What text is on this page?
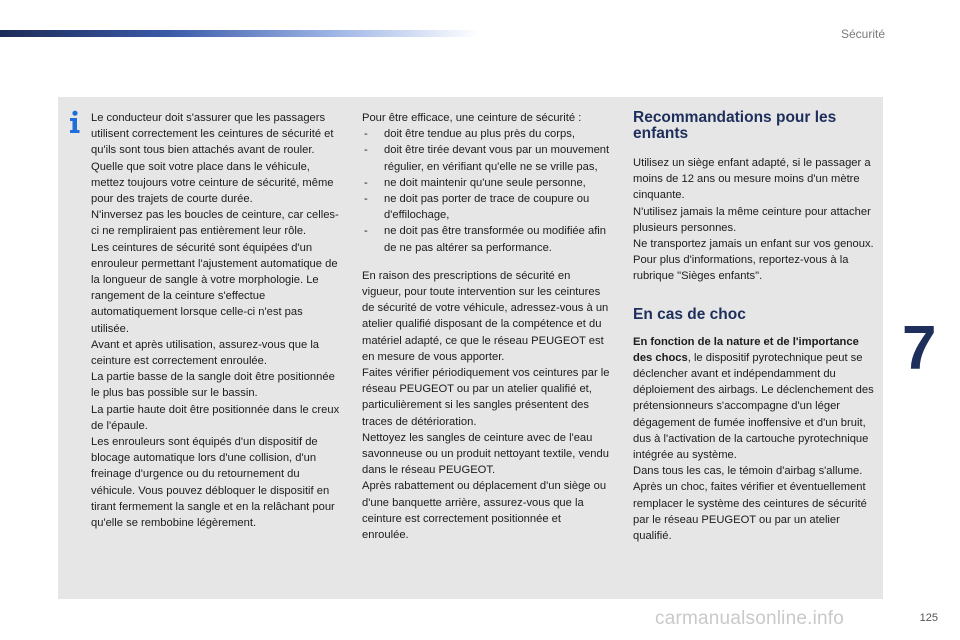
Sécurité

Le conducteur doit s'assurer que les passagers utilisent correctement les ceintures de sécurité et qu'ils sont tous bien attachés avant de rouler.
Quelle que soit votre place dans le véhicule, mettez toujours votre ceinture de sécurité, même pour des trajets de courte durée.
N'inversez pas les boucles de ceinture, car celles-ci ne rempliraient pas entièrement leur rôle.
Les ceintures de sécurité sont équipées d'un enrouleur permettant l'ajustement automatique de la longueur de sangle à votre morphologie. Le rangement de la ceinture s'effectue automatiquement lorsque celle-ci n'est pas utilisée.
Avant et après utilisation, assurez-vous que la ceinture est correctement enroulée.
La partie basse de la sangle doit être positionnée le plus bas possible sur le bassin.
La partie haute doit être positionnée dans le creux de l'épaule.
Les enrouleurs sont équipés d'un dispositif de blocage automatique lors d'une collision, d'un freinage d'urgence ou du retournement du véhicule. Vous pouvez débloquer le dispositif en tirant fermement la sangle et en la relâchant pour qu'elle se rembobine légèrement.

Pour être efficace, une ceinture de sécurité :

- doit être tendue au plus près du corps,
- doit être tirée devant vous par un mouvement régulier, en vérifiant qu'elle ne se vrille pas,
- ne doit maintenir qu'une seule personne,
- ne doit pas porter de trace de coupure ou d'effilochage,
- ne doit pas être transformée ou modifiée afin de ne pas altérer sa performance.

En raison des prescriptions de sécurité en vigueur, pour toute intervention sur les ceintures de sécurité de votre véhicule, adressez-vous à un atelier qualifié disposant de la compétence et du matériel adapté, ce que le réseau PEUGEOT est en mesure de vous apporter.
Faites vérifier périodiquement vos ceintures par le réseau PEUGEOT ou par un atelier qualifié et, particulièrement si les sangles présentent des traces de détérioration.
Nettoyez les sangles de ceinture avec de l'eau savonneuse ou un produit nettoyant textile, vendu dans le réseau PEUGEOT.
Après rabattement ou déplacement d'un siège ou d'une banquette arrière, assurez-vous que la ceinture est correctement positionnée et enroulée.

Recommandations pour les enfants

Utilisez un siège enfant adapté, si le passager a moins de 12 ans ou mesure moins d'un mètre cinquante.
N'utilisez jamais la même ceinture pour attacher plusieurs personnes.
Ne transportez jamais un enfant sur vos genoux.
Pour plus d'informations, reportez-vous à la rubrique "Sièges enfants".

En cas de choc

En fonction de la nature et de l'importance des chocs, le dispositif pyrotechnique peut se déclencher avant et indépendamment du déploiement des airbags. Le déclenchement des prétensionneurs s'accompagne d'un léger dégagement de fumée inoffensive et d'un bruit, dus à l'activation de la cartouche pyrotechnique intégrée au système.
Dans tous les cas, le témoin d'airbag s'allume.
Après un choc, faites vérifier et éventuellement remplacer le système des ceintures de sécurité par le réseau PEUGEOT ou par un atelier qualifié.

7
carmanualsonline.info	125
